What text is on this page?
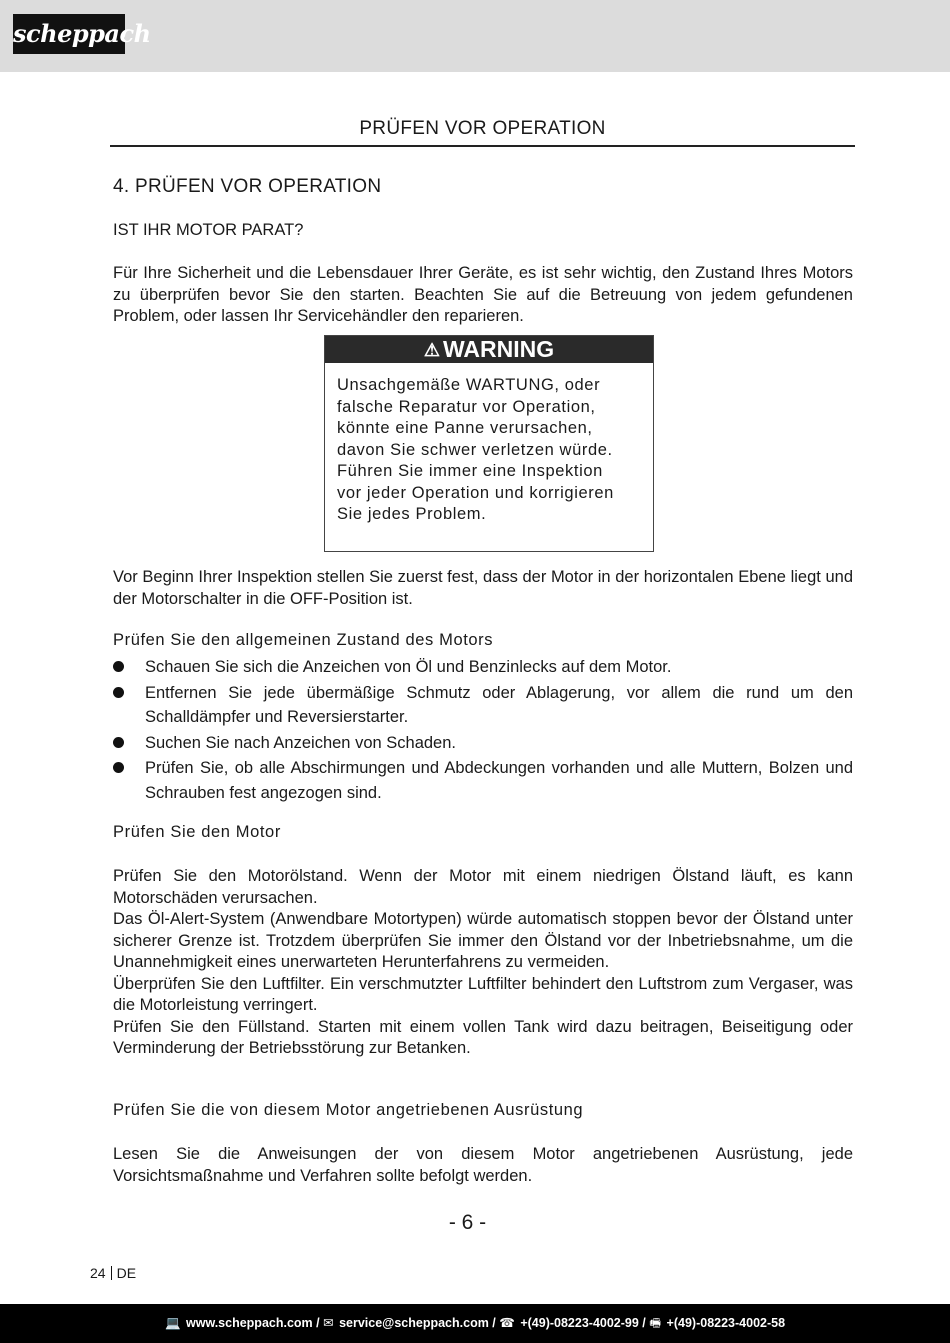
scheppach
PRÜFEN VOR OPERATION
4. PRÜFEN VOR OPERATION
IST IHR MOTOR PARAT?
Für Ihre Sicherheit und die Lebensdauer Ihrer Geräte, es ist sehr wichtig, den Zustand Ihres Motors zu überprüfen bevor Sie den starten. Beachten Sie auf die Betreuung von jedem gefundenen Problem, oder lassen Ihr Servicehändler den reparieren.
⚠ WARNING
Unsachgemäße WARTUNG, oder
falsche Reparatur vor Operation,
könnte eine Panne verursachen,
davon Sie schwer verletzen würde.
Führen Sie immer eine Inspektion
vor jeder Operation und korrigieren
Sie jedes Problem.
Vor Beginn Ihrer Inspektion stellen Sie zuerst fest, dass der Motor in der horizontalen Ebene liegt und der Motorschalter in die OFF-Position ist.
Prüfen Sie den allgemeinen Zustand des Motors
Schauen Sie sich die Anzeichen von Öl und Benzinlecks auf dem Motor.
Entfernen Sie jede übermäßige Schmutz oder Ablagerung, vor allem die rund um den Schalldämpfer und Reversierstarter.
Suchen Sie nach Anzeichen von Schaden.
Prüfen Sie, ob alle Abschirmungen und Abdeckungen vorhanden und alle Muttern, Bolzen und Schrauben fest angezogen sind.
Prüfen Sie den Motor
Prüfen Sie den Motorölstand. Wenn der Motor mit einem niedrigen Ölstand läuft, es kann Motorschäden verursachen.
Das Öl-Alert-System (Anwendbare Motortypen) würde automatisch stoppen bevor der Ölstand unter sicherer Grenze ist. Trotzdem überprüfen Sie immer den Ölstand vor der Inbetriebsnahme, um die Unannehmigkeit eines unerwarteten Herunterfahrens zu vermeiden.
Überprüfen Sie den Luftfilter. Ein verschmutzter Luftfilter behindert den Luftstrom zum Vergaser, was die Motorleistung verringert.
Prüfen Sie den Füllstand. Starten mit einem vollen Tank wird dazu beitragen, Beiseitigung oder Verminderung der Betriebsstörung zur Betanken.
Prüfen Sie die von diesem Motor angetriebenen Ausrüstung
Lesen Sie die Anweisungen der von diesem Motor angetriebenen Ausrüstung, jede Vorsichtsmaßnahme und Verfahren sollte befolgt werden.
- 6 -
24 DE
💻 www.scheppach.com / ✉ service@scheppach.com / ☎ +(49)-08223-4002-99 / 🖷 +(49)-08223-4002-58
